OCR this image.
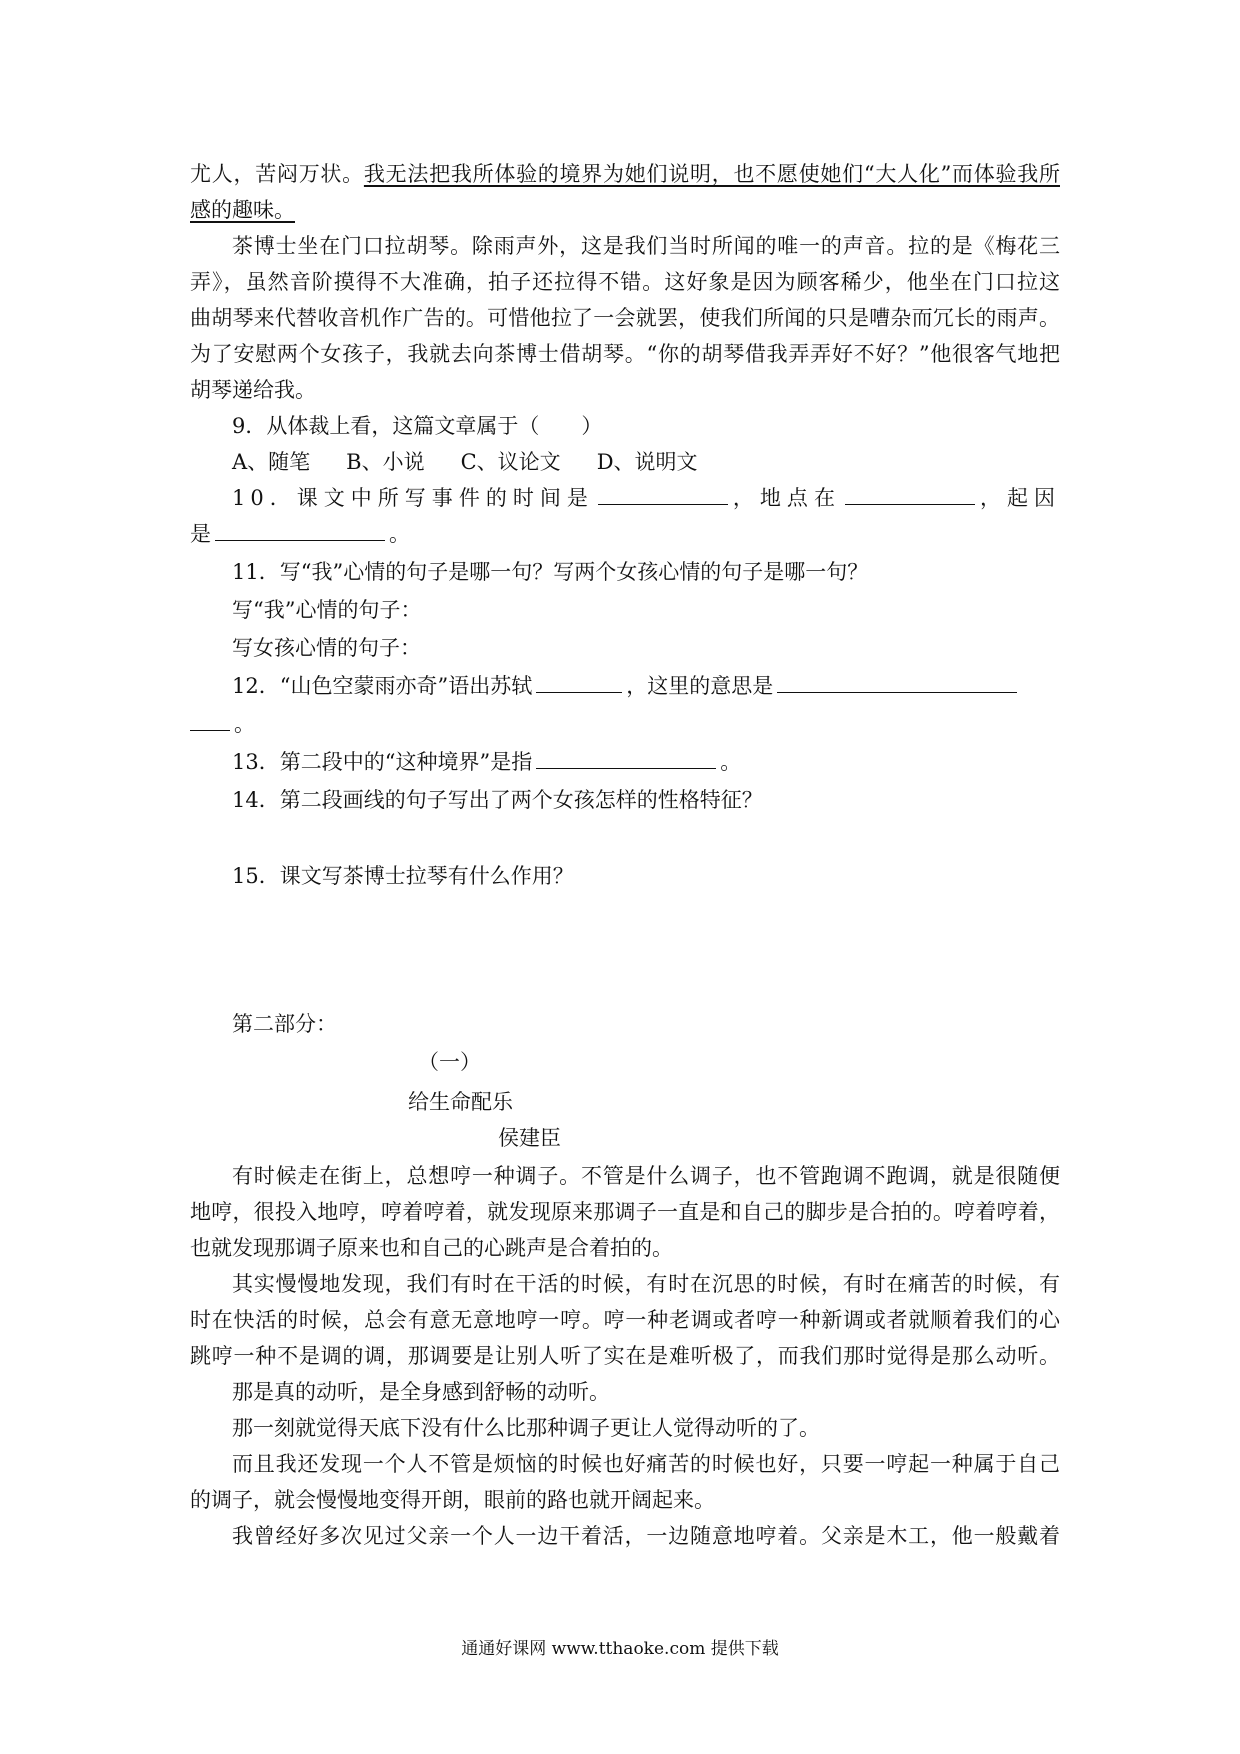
尤人，苦闷万状。我无法把我所体验的境界为她们说明，也不愿使她们“大人化”而体验我所

感的趣味。

茶博士坐在门口拉胡琴。除雨声外，这是我们当时所闻的唯一的声音。拉的是《梅花三

弄》，虽然音阶摸得不大准确，拍子还拉得不错。这好象是因为顾客稀少，他坐在门口拉这

曲胡琴来代替收音机作广告的。可惜他拉了一会就罢，使我们所闻的只是嘈杂而冗长的雨声。

为了安慰两个女孩子，我就去向茶博士借胡琴。“你的胡琴借我弄弄好不好？”他很客气地把

胡琴递给我。

9．从体裁上看，这篇文章属于（　　）

A、随笔 B、小说 C、议论文 D、说明文

10．课文中所写事件的时间是	，地点在	，起因

是	。

11．写“我”心情的句子是哪一句？写两个女孩心情的句子是哪一句？

写“我”心情的句子：

写女孩心情的句子：

12．“山色空蒙雨亦奇”语出苏轼	，这里的意思是

。

13．第二段中的“这种境界”是指	。

14．第二段画线的句子写出了两个女孩怎样的性格特征？

15．课文写茶博士拉琴有什么作用？

第二部分：

（一）
给生命配乐
侯建臣

有时候走在街上，总想哼一种调子。不管是什么调子，也不管跑调不跑调，就是很随便

地哼，很投入地哼，哼着哼着，就发现原来那调子一直是和自己的脚步是合拍的。哼着哼着，

也就发现那调子原来也和自己的心跳声是合着拍的。

其实慢慢地发现，我们有时在干活的时候，有时在沉思的时候，有时在痛苦的时候，有

时在快活的时候，总会有意无意地哼一哼。哼一种老调或者哼一种新调或者就顺着我们的心

跳哼一种不是调的调，那调要是让别人听了实在是难听极了，而我们那时觉得是那么动听。

那是真的动听，是全身感到舒畅的动听。

那一刻就觉得天底下没有什么比那种调子更让人觉得动听的了。

而且我还发现一个人不管是烦恼的时候也好痛苦的时候也好，只要一哼起一种属于自己

的调子，就会慢慢地变得开朗，眼前的路也就开阔起来。

我曾经好多次见过父亲一个人一边干着活，一边随意地哼着。父亲是木工，他一般戴着

通通好课网 www.tthaoke.com 提供下载
